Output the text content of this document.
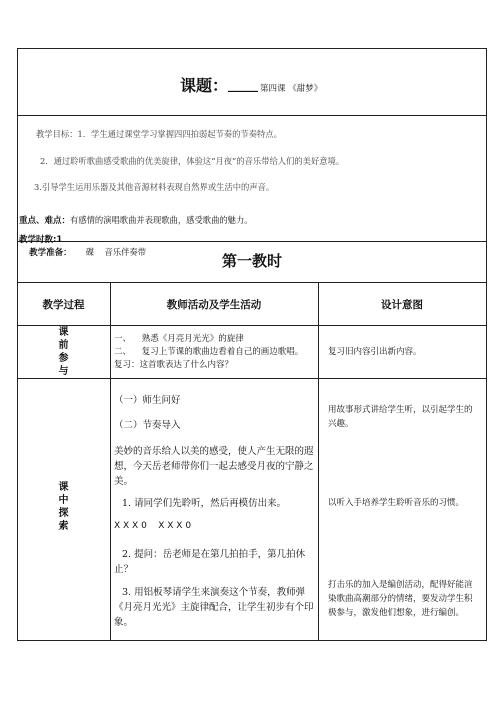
课题：_____ 第四课 《甜梦》
教学目标：1．学生通过课堂学习掌握四四拍弱起节奏的节奏特点。
2．通过聆听歌曲感受歌曲的优美旋律，体验这“月夜”的音乐带给人们的美好意境。
3.引导学生运用乐器及其他音源材料表现自然界或生活中的声音。
重点、难点：有感情的演唱歌曲并表现歌曲，感受歌曲的魅力。

教学准备： 碟    音乐伴奏带

教学时数:1
第一教时
教学过程	教师活动及学生活动	设计意图
课
前
参
与
一、    熟悉《月亮月光光》的旋律
二、    复习上节课的歌曲边看着自己的画边歌唱。
复习：这首歌表达了什么内容？
复习旧内容引出新内容。
课
中
探
索
（一）师生问好
（二）节奏导入
美妙的音乐给人以美的感受，使人产生无限的遐想，今天岳老师带你们一起去感受月夜的宁静之美。
1. 请同学们先聆听，然后再模仿出来。
X X X 0    X X X 0
2. 提问：岳老师是在第几拍拍手，第几拍休止？
3. 用铝板琴请学生来演奏这个节奏，教师弹《月亮月光光》主旋律配合，让学生初步有个印象。
用故事形式讲给学生听，以引起学生的兴趣。
以听入手培养学生聆听音乐的习惯。
打击乐的加入是编创活动，配得好能渲染歌曲高潮部分的情绪，要发动学生积极参与，激发他们想象，进行编创。
